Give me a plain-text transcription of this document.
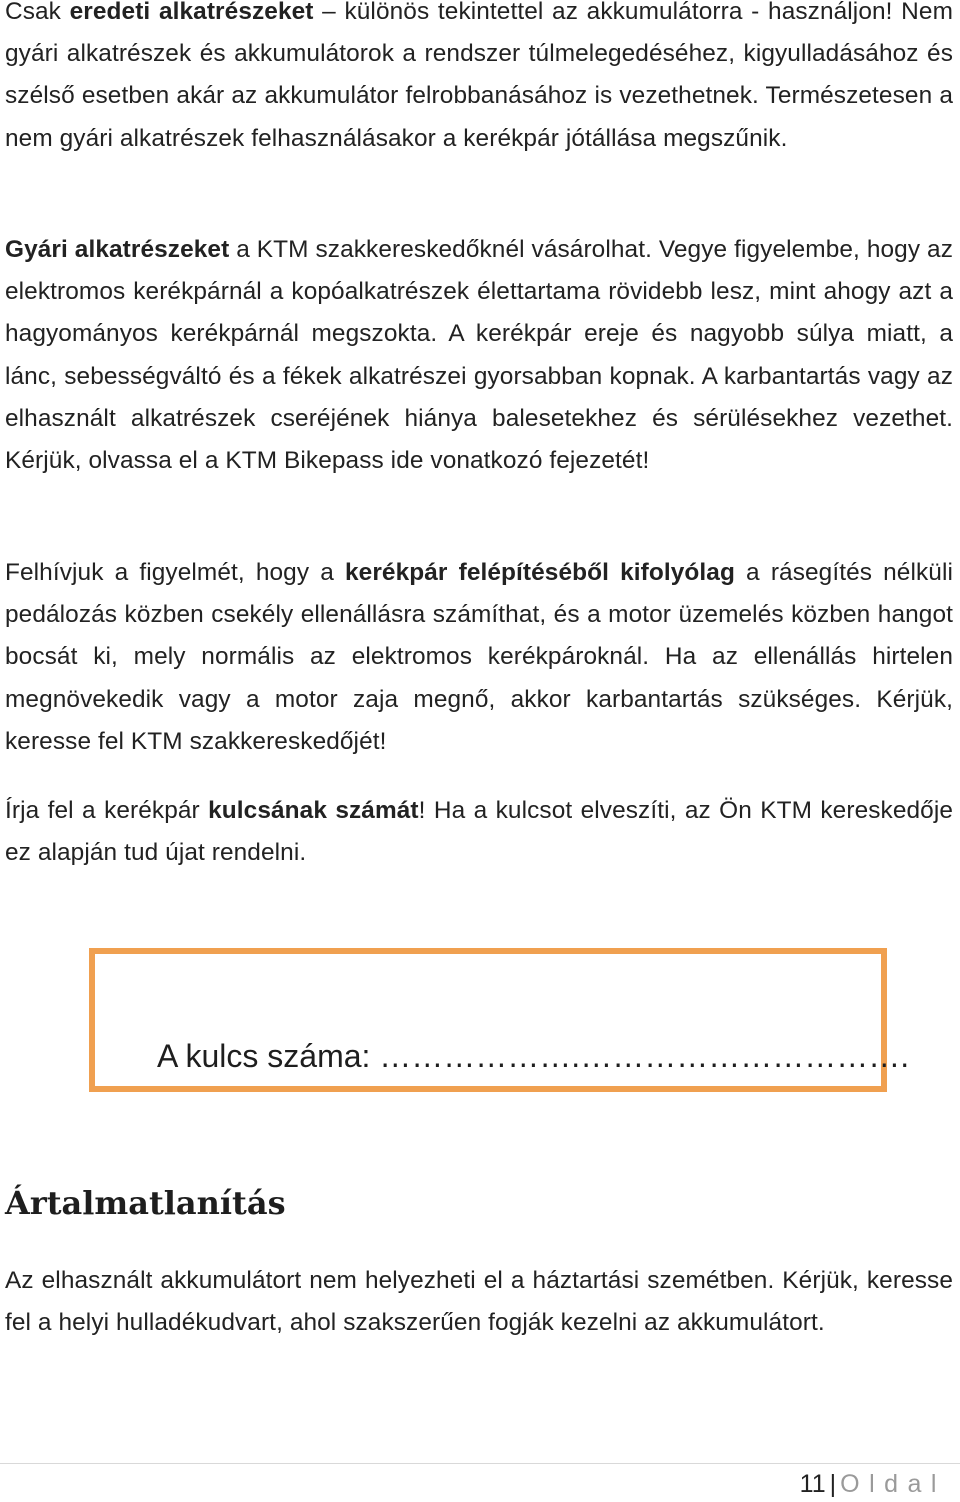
Csak eredeti alkatrészeket – különös tekintettel az akkumulátorra - használjon! Nem gyári alkatrészek és akkumulátorok a rendszer túlmelegedéséhez, kigyulladásához és szélső esetben akár az akkumulátor felrobbanásához is vezethetnek. Természetesen a nem gyári alkatrészek felhasználásakor a kerékpár jótállása megszűnik.

Gyári alkatrészeket a KTM szakkereskedőknél vásárolhat. Vegye figyelembe, hogy az elektromos kerékpárnál a kopóalkatrészek élettartama rövidebb lesz, mint ahogy azt a hagyományos kerékpárnál megszokta. A kerékpár ereje és nagyobb súlya miatt, a lánc, sebességváltó és a fékek alkatrészei gyorsabban kopnak. A karbantartás vagy az elhasznált alkatrészek cseréjének hiánya balesetekhez és sérülésekhez vezethet. Kérjük, olvassa el a KTM Bikepass ide vonatkozó fejezetét!

Felhívjuk a figyelmét, hogy a kerékpár felépítéséből kifolyólag a rásegítés nélküli pedálozás közben csekély ellenállásra számíthat, és a motor üzemelés közben hangot bocsát ki, mely normális az elektromos kerékpároknál. Ha az ellenállás hirtelen megnövekedik vagy a motor zaja megnő, akkor karbantartás szükséges. Kérjük, keresse fel KTM szakkereskedőjét!

Írja fel a kerékpár kulcsának számát! Ha a kulcsot elveszíti, az Ön KTM kereskedője ez alapján tud újat rendelni.

A kulcs száma: ……………….………………………….
Ártalmatlanítás

Az elhasznált akkumulátort nem helyezheti el a háztartási szemétben. Kérjük, keresse fel a helyi hulladékudvart, ahol szakszerűen fogják kezelni az akkumulátort.

11 | Oldal
